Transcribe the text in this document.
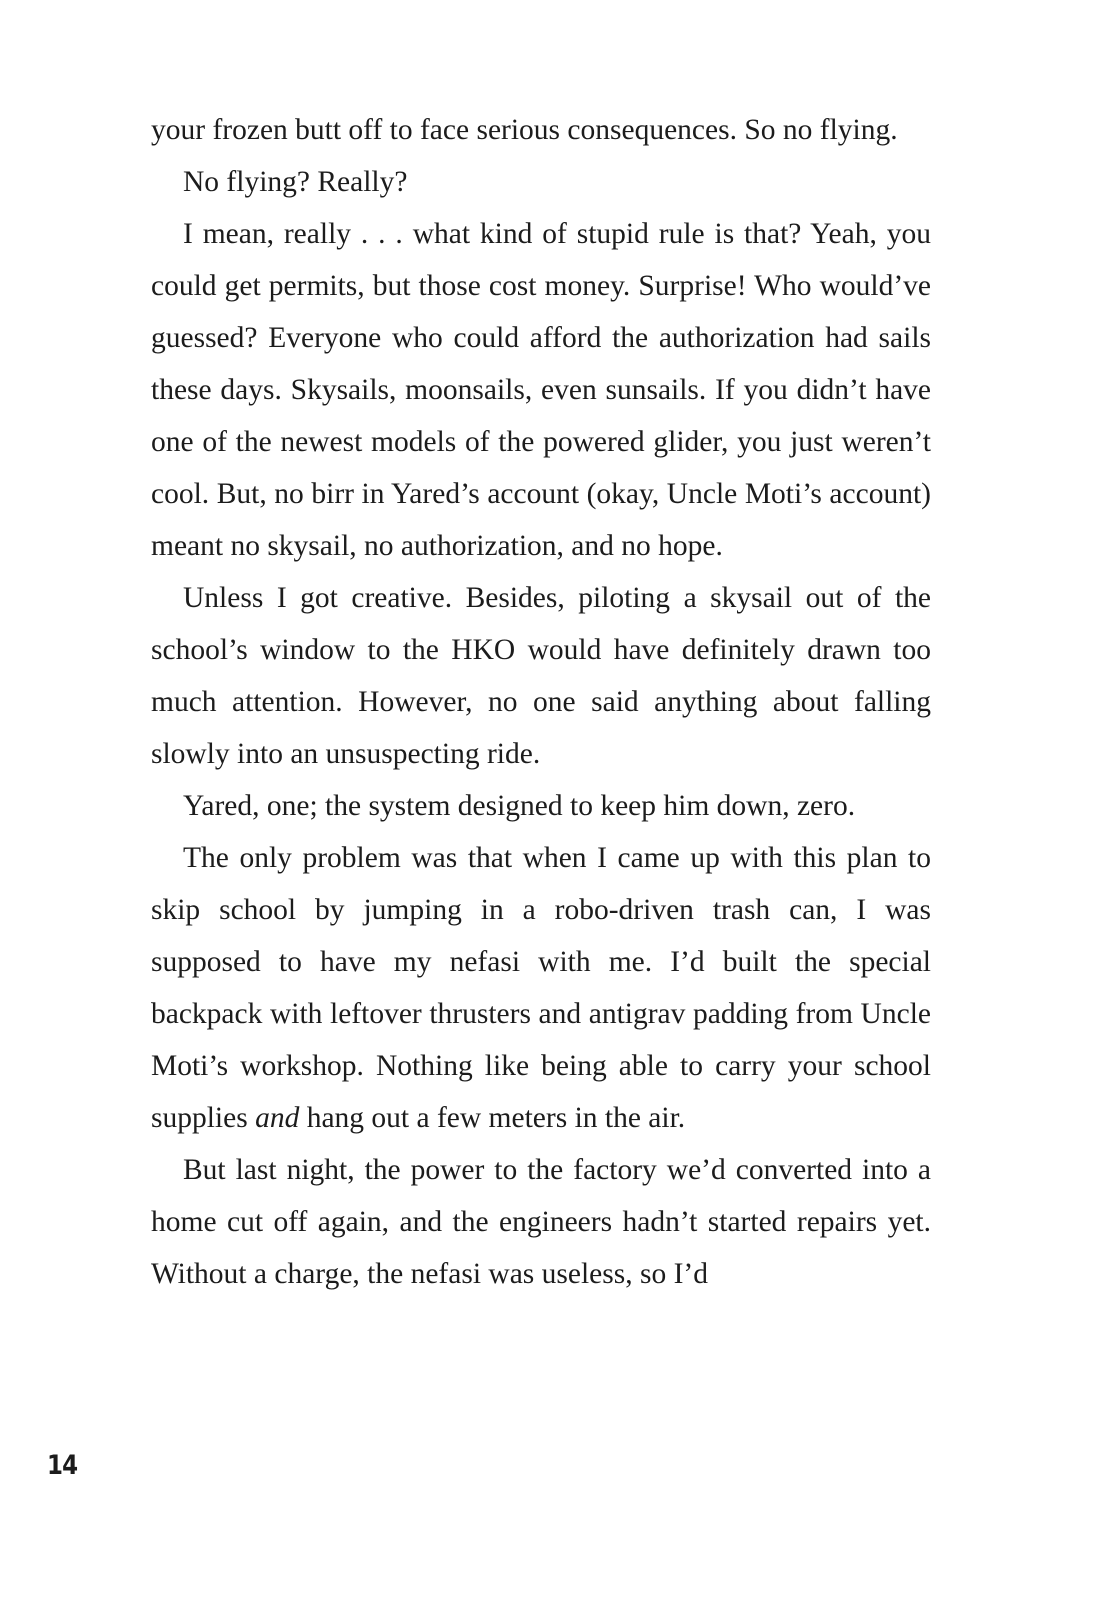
your frozen butt off to face serious consequences. So no flying.

No flying? Really?

I mean, really . . . what kind of stupid rule is that? Yeah, you could get permits, but those cost money. Surprise! Who would’ve guessed? Everyone who could afford the authorization had sails these days. Skysails, moonsails, even sunsails. If you didn’t have one of the newest models of the powered glider, you just weren’t cool. But, no birr in Yared’s account (okay, Uncle Moti’s account) meant no skysail, no authorization, and no hope.

Unless I got creative. Besides, piloting a skysail out of the school’s window to the HKO would have definitely drawn too much attention. However, no one said anything about falling slowly into an unsuspecting ride.

Yared, one; the system designed to keep him down, zero.

The only problem was that when I came up with this plan to skip school by jumping in a robo-driven trash can, I was supposed to have my nefasi with me. I’d built the special backpack with leftover thrusters and antigrav padding from Uncle Moti’s workshop. Nothing like being able to carry your school supplies and hang out a few meters in the air.

But last night, the power to the factory we’d converted into a home cut off again, and the engineers hadn’t started repairs yet. Without a charge, the nefasi was useless, so I’d

14
